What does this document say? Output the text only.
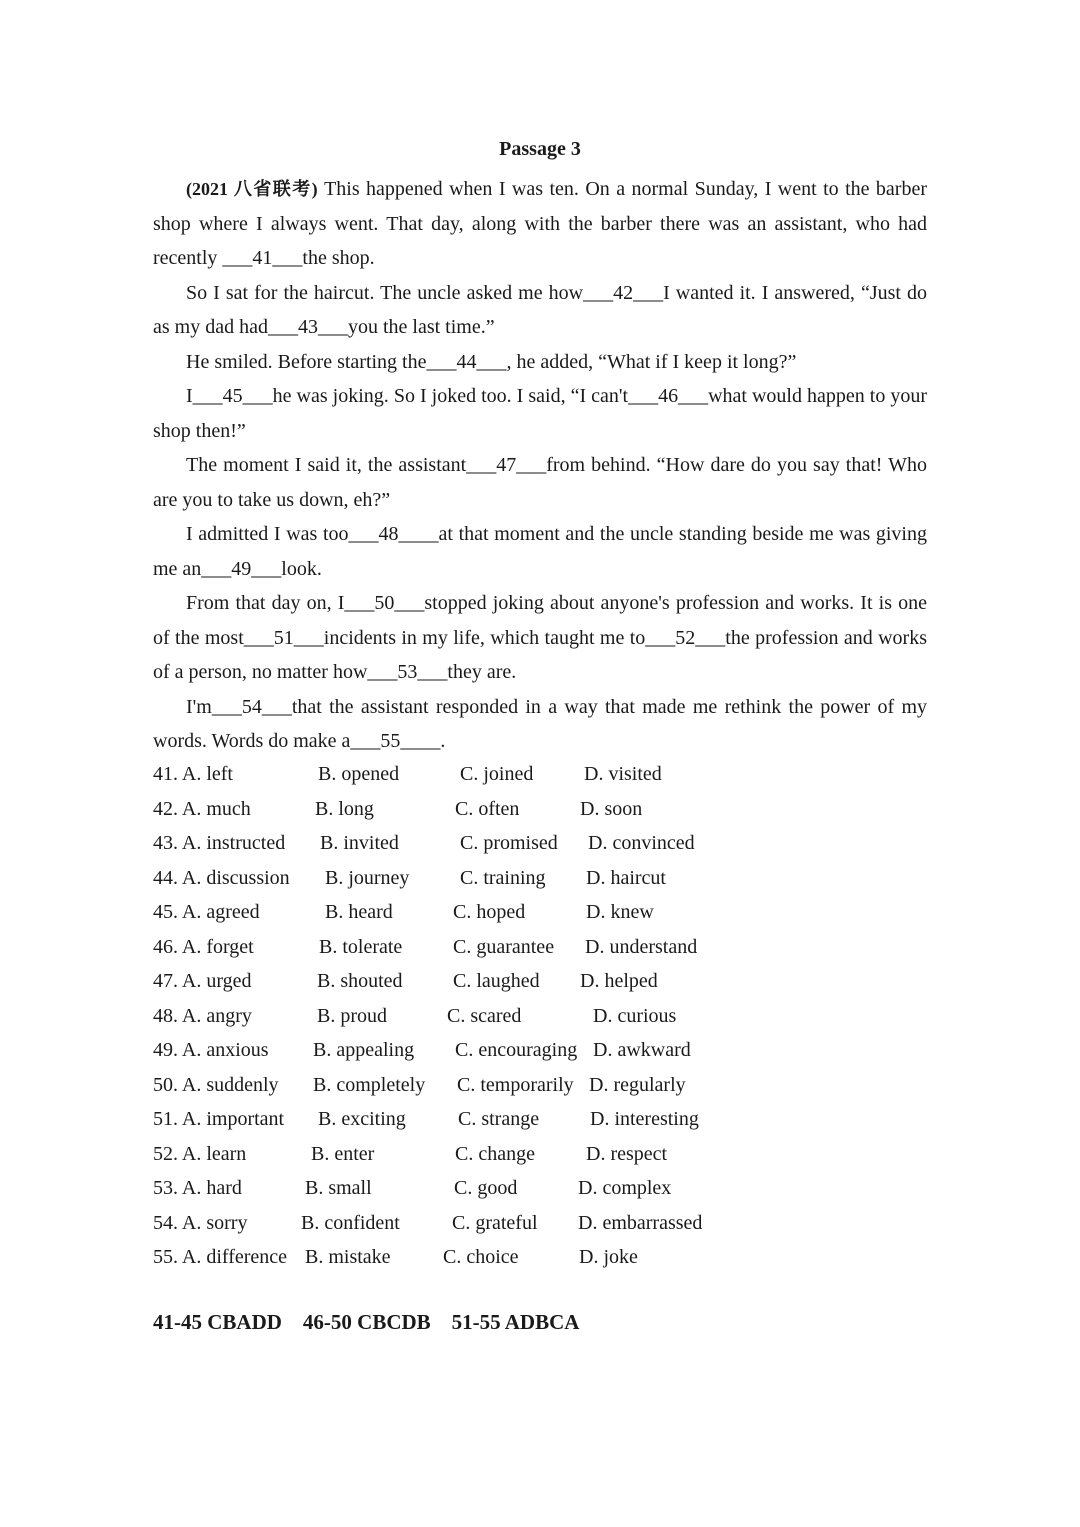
Passage 3

(2021 八省联考) This happened when I was ten. On a normal Sunday, I went to the barber shop where I always went. That day, along with the barber there was an assistant, who had recently ___41___the shop.

So I sat for the haircut. The uncle asked me how___42___I wanted it. I answered, “Just do as my dad had___43___you the last time.”

He smiled. Before starting the___44___, he added, “What if I keep it long?”

I___45___he was joking. So I joked too. I said, “I can't___46___what would happen to your shop then!”

The moment I said it, the assistant___47___from behind. “How dare do you say that! Who are you to take us down, eh?”

I admitted I was too___48____at that moment and the uncle standing beside me was giving me an___49___look.

From that day on, I___50___stopped joking about anyone's profession and works. It is one of the most___51___incidents in my life, which taught me to___52___the profession and works of a person, no matter how___53___they are.

I'm___54___that the assistant responded in a way that made me rethink the power of my words. Words do make a___55____.

41. A. left	B. opened	C. joined	D. visited
42. A. much	B. long	C. often	D. soon
43. A. instructed B. invited	C. promised D. convinced
44. A. discussion B. journey	C. training D. haircut
45. A. agreed	B. heard	C. hoped	D. knew
46. A. forget	B. tolerate	C. guarantee D. understand
47. A. urged	B. shouted	C. laughed D. helped
48. A. angry	B. proud	C. scared	D. curious
49. A. anxious B. appealing C. encouraging D. awkward
50. A. suddenly B. completely C. temporarily D. regularly
51. A. important B. exciting	C. strange	D. interesting
52. A. learn	B. enter	C. change	D. respect
53. A. hard	B. small	C. good	D. complex
54. A. sorry	B. confident	C. grateful D. embarrassed
55. A. difference B. mistake	C. choice	D. joke
41-45 CBADD    46-50 CBCDB    51-55 ADBCA
